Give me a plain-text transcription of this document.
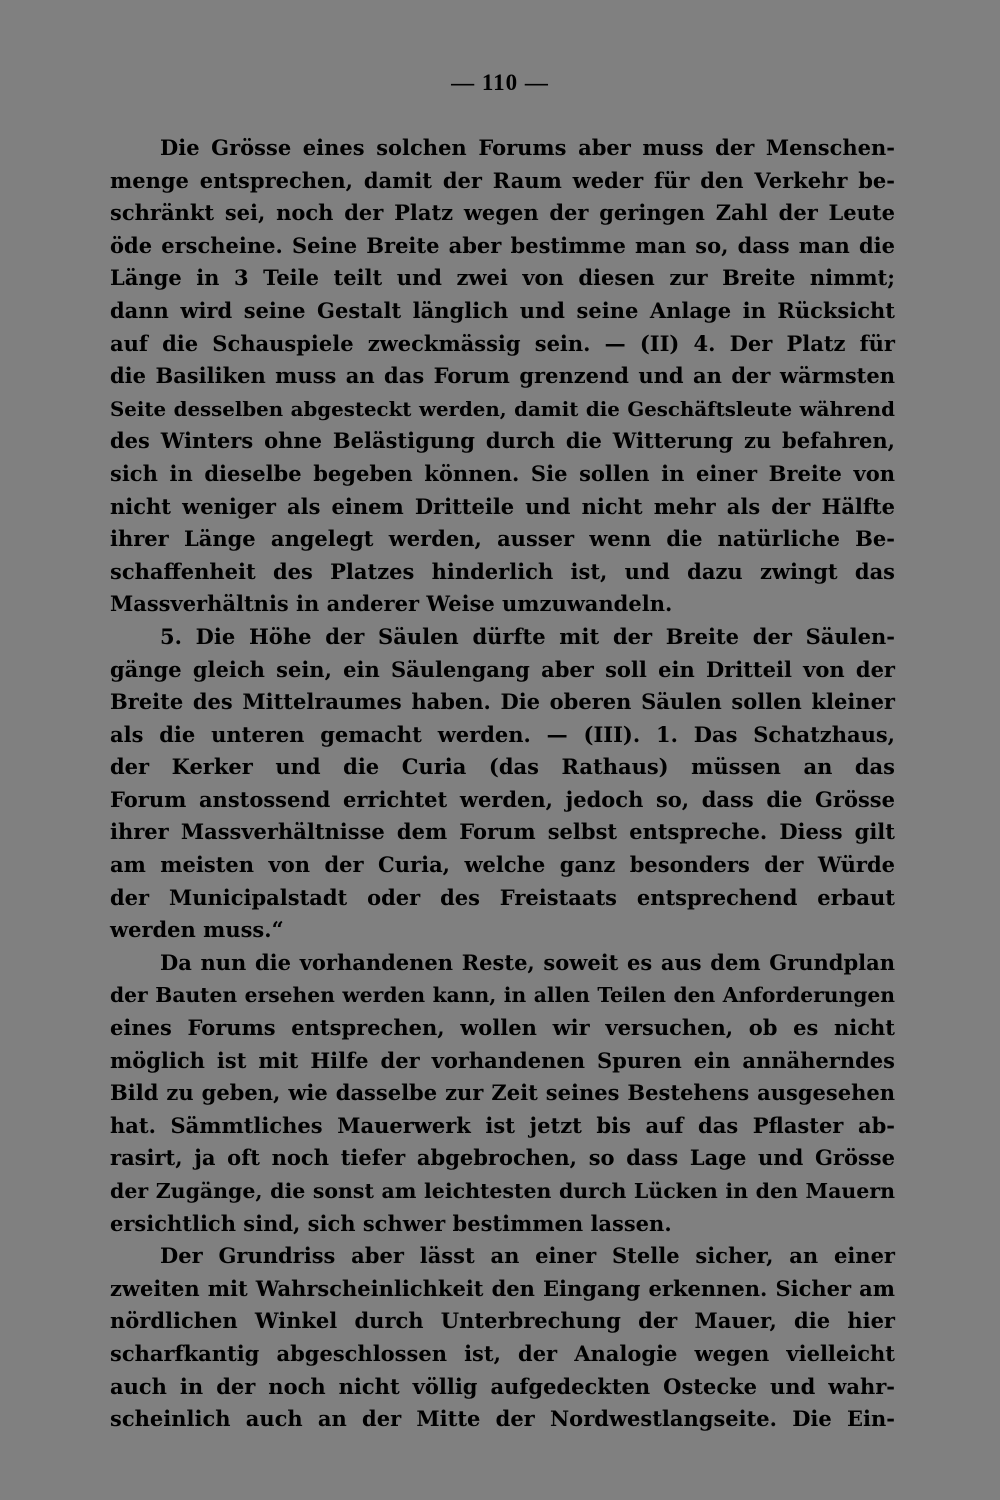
— 110 —
Die Grösse eines solchen Forums aber muss der Menschen-
menge entsprechen, damit der Raum weder für den Verkehr be-
schränkt sei, noch der Platz wegen der geringen Zahl der Leute
öde erscheine. Seine Breite aber bestimme man so, dass man die
Länge in 3 Teile teilt und zwei von diesen zur Breite nimmt;
dann wird seine Gestalt länglich und seine Anlage in Rücksicht
auf die Schauspiele zweckmässig sein. — (II) 4. Der Platz für
die Basiliken muss an das Forum grenzend und an der wärmsten
Seite desselben abgesteckt werden, damit die Geschäftsleute während
des Winters ohne Belästigung durch die Witterung zu befahren,
sich in dieselbe begeben können. Sie sollen in einer Breite von
nicht weniger als einem Dritteile und nicht mehr als der Hälfte
ihrer Länge angelegt werden, ausser wenn die natürliche Be-
schaffenheit des Platzes hinderlich ist, und dazu zwingt das
Massverhältnis in anderer Weise umzuwandeln.
5. Die Höhe der Säulen dürfte mit der Breite der Säulen-
gänge gleich sein, ein Säulengang aber soll ein Dritteil von der
Breite des Mittelraumes haben. Die oberen Säulen sollen kleiner
als die unteren gemacht werden. — (III). 1. Das Schatzhaus,
der Kerker und die Curia (das Rathaus) müssen an das
Forum anstossend errichtet werden, jedoch so, dass die Grösse
ihrer Massverhältnisse dem Forum selbst entspreche. Diess gilt
am meisten von der Curia, welche ganz besonders der Würde
der Municipalstadt oder des Freistaats entsprechend erbaut
werden muss.“
Da nun die vorhandenen Reste, soweit es aus dem Grundplan
der Bauten ersehen werden kann, in allen Teilen den Anforderungen
eines Forums entsprechen, wollen wir versuchen, ob es nicht
möglich ist mit Hilfe der vorhandenen Spuren ein annäherndes
Bild zu geben, wie dasselbe zur Zeit seines Bestehens ausgesehen
hat. Sämmtliches Mauerwerk ist jetzt bis auf das Pflaster ab-
rasirt, ja oft noch tiefer abgebrochen, so dass Lage und Grösse
der Zugänge, die sonst am leichtesten durch Lücken in den Mauern
ersichtlich sind, sich schwer bestimmen lassen.
Der Grundriss aber lässt an einer Stelle sicher, an einer
zweiten mit Wahrscheinlichkeit den Eingang erkennen. Sicher am
nördlichen Winkel durch Unterbrechung der Mauer, die hier
scharfkantig abgeschlossen ist, der Analogie wegen vielleicht
auch in der noch nicht völlig aufgedeckten Ostecke und wahr-
scheinlich auch an der Mitte der Nordwestlangseite. Die Ein-
